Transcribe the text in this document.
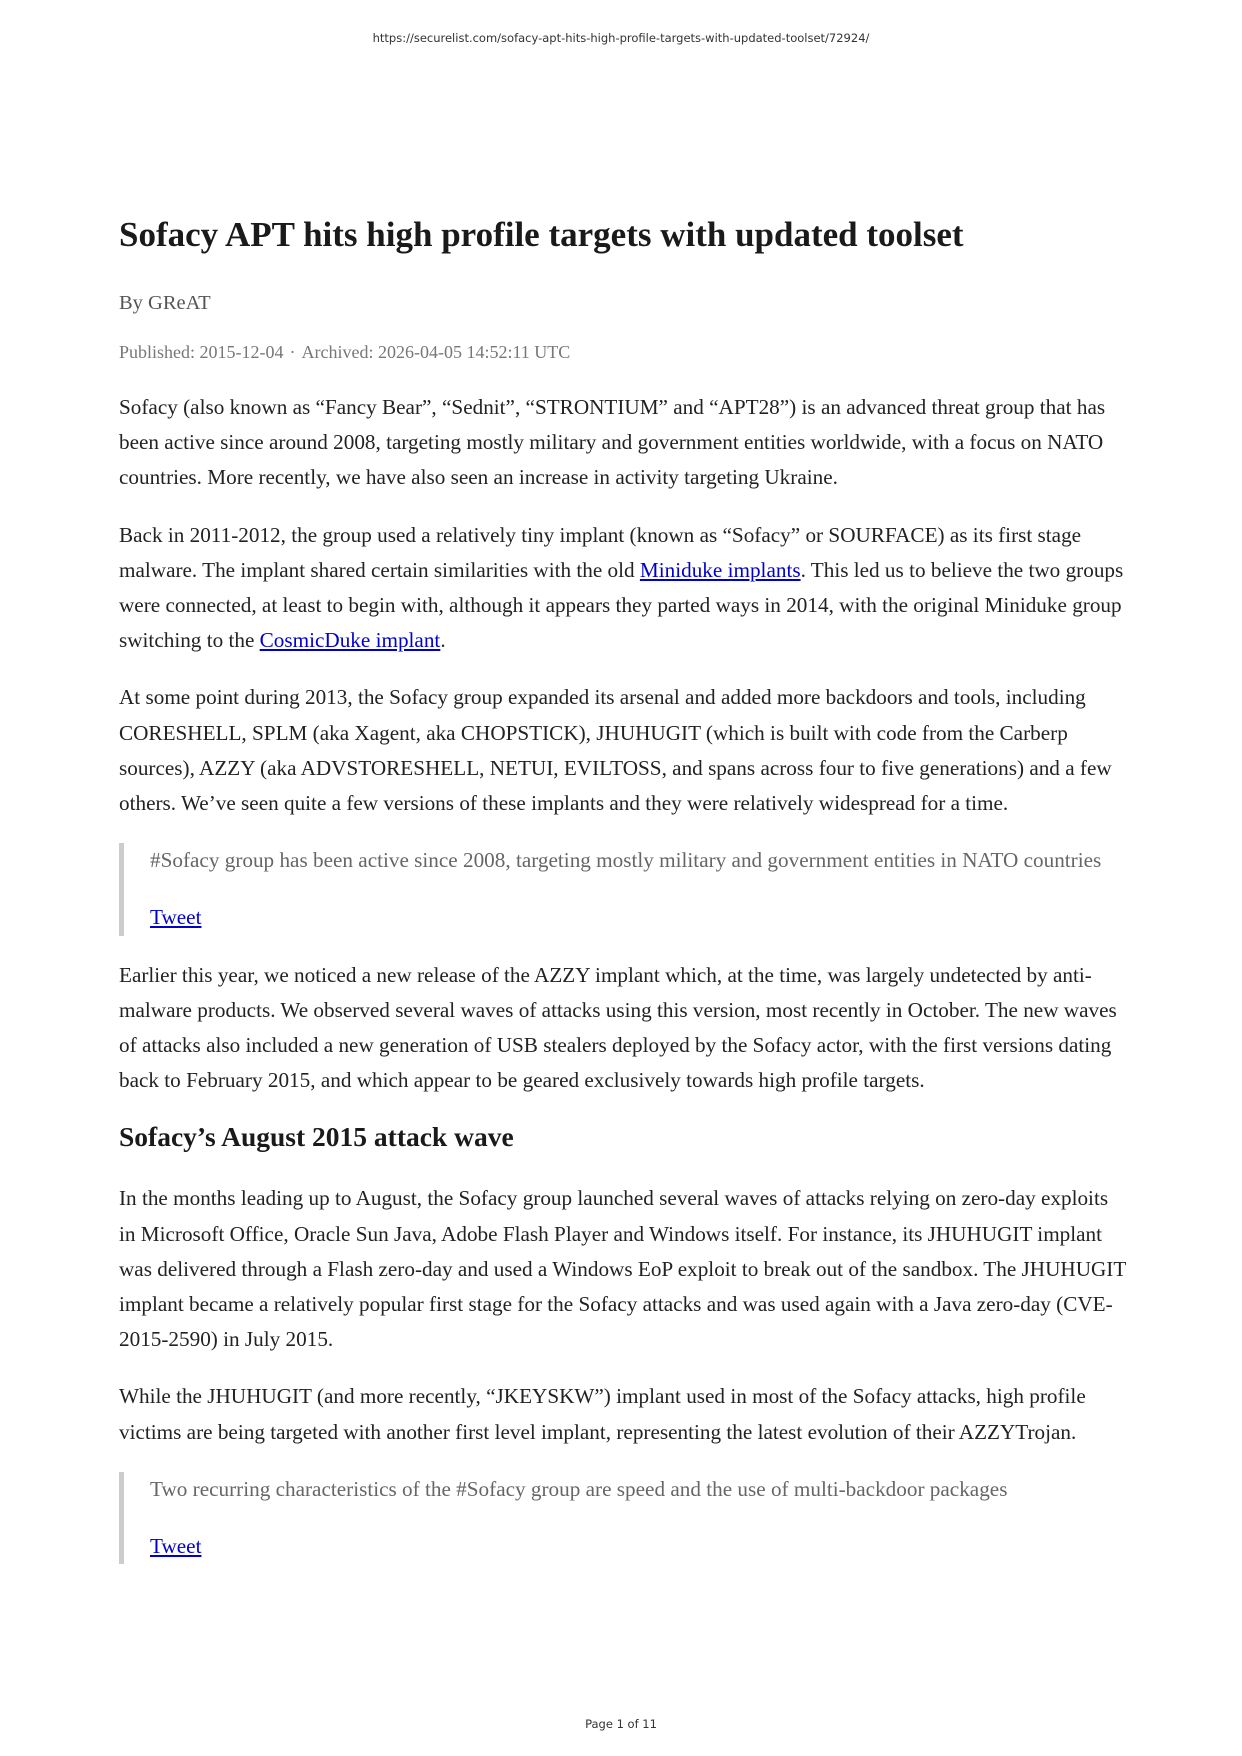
https://securelist.com/sofacy-apt-hits-high-profile-targets-with-updated-toolset/72924/
Sofacy APT hits high profile targets with updated toolset
By GReAT
Published: 2015-12-04 · Archived: 2026-04-05 14:52:11 UTC

Sofacy (also known as “Fancy Bear”, “Sednit”, “STRONTIUM” and “APT28”) is an advanced threat group that has been active since around 2008, targeting mostly military and government entities worldwide, with a focus on NATO countries. More recently, we have also seen an increase in activity targeting Ukraine.

Back in 2011-2012, the group used a relatively tiny implant (known as “Sofacy” or SOURFACE) as its first stage malware. The implant shared certain similarities with the old Miniduke implants. This led us to believe the two groups were connected, at least to begin with, although it appears they parted ways in 2014, with the original Miniduke group switching to the CosmicDuke implant.

At some point during 2013, the Sofacy group expanded its arsenal and added more backdoors and tools, including CORESHELL, SPLM (aka Xagent, aka CHOPSTICK), JHUHUGIT (which is built with code from the Carberp sources), AZZY (aka ADVSTORESHELL, NETUI, EVILTOSS, and spans across four to five generations) and a few others. We’ve seen quite a few versions of these implants and they were relatively widespread for a time.

#Sofacy group has been active since 2008, targeting mostly military and government entities in NATO countries

Tweet

Earlier this year, we noticed a new release of the AZZY implant which, at the time, was largely undetected by anti-malware products. We observed several waves of attacks using this version, most recently in October. The new waves of attacks also included a new generation of USB stealers deployed by the Sofacy actor, with the first versions dating back to February 2015, and which appear to be geared exclusively towards high profile targets.

Sofacy’s August 2015 attack wave

In the months leading up to August, the Sofacy group launched several waves of attacks relying on zero-day exploits in Microsoft Office, Oracle Sun Java, Adobe Flash Player and Windows itself. For instance, its JHUHUGIT implant was delivered through a Flash zero-day and used a Windows EoP exploit to break out of the sandbox. The JHUHUGIT implant became a relatively popular first stage for the Sofacy attacks and was used again with a Java zero-day (CVE-2015-2590) in July 2015.

While the JHUHUGIT (and more recently, “JKEYSKW”) implant used in most of the Sofacy attacks, high profile victims are being targeted with another first level implant, representing the latest evolution of their AZZYTrojan.

Two recurring characteristics of the #Sofacy group are speed and the use of multi-backdoor packages

Tweet

Page 1 of 11
